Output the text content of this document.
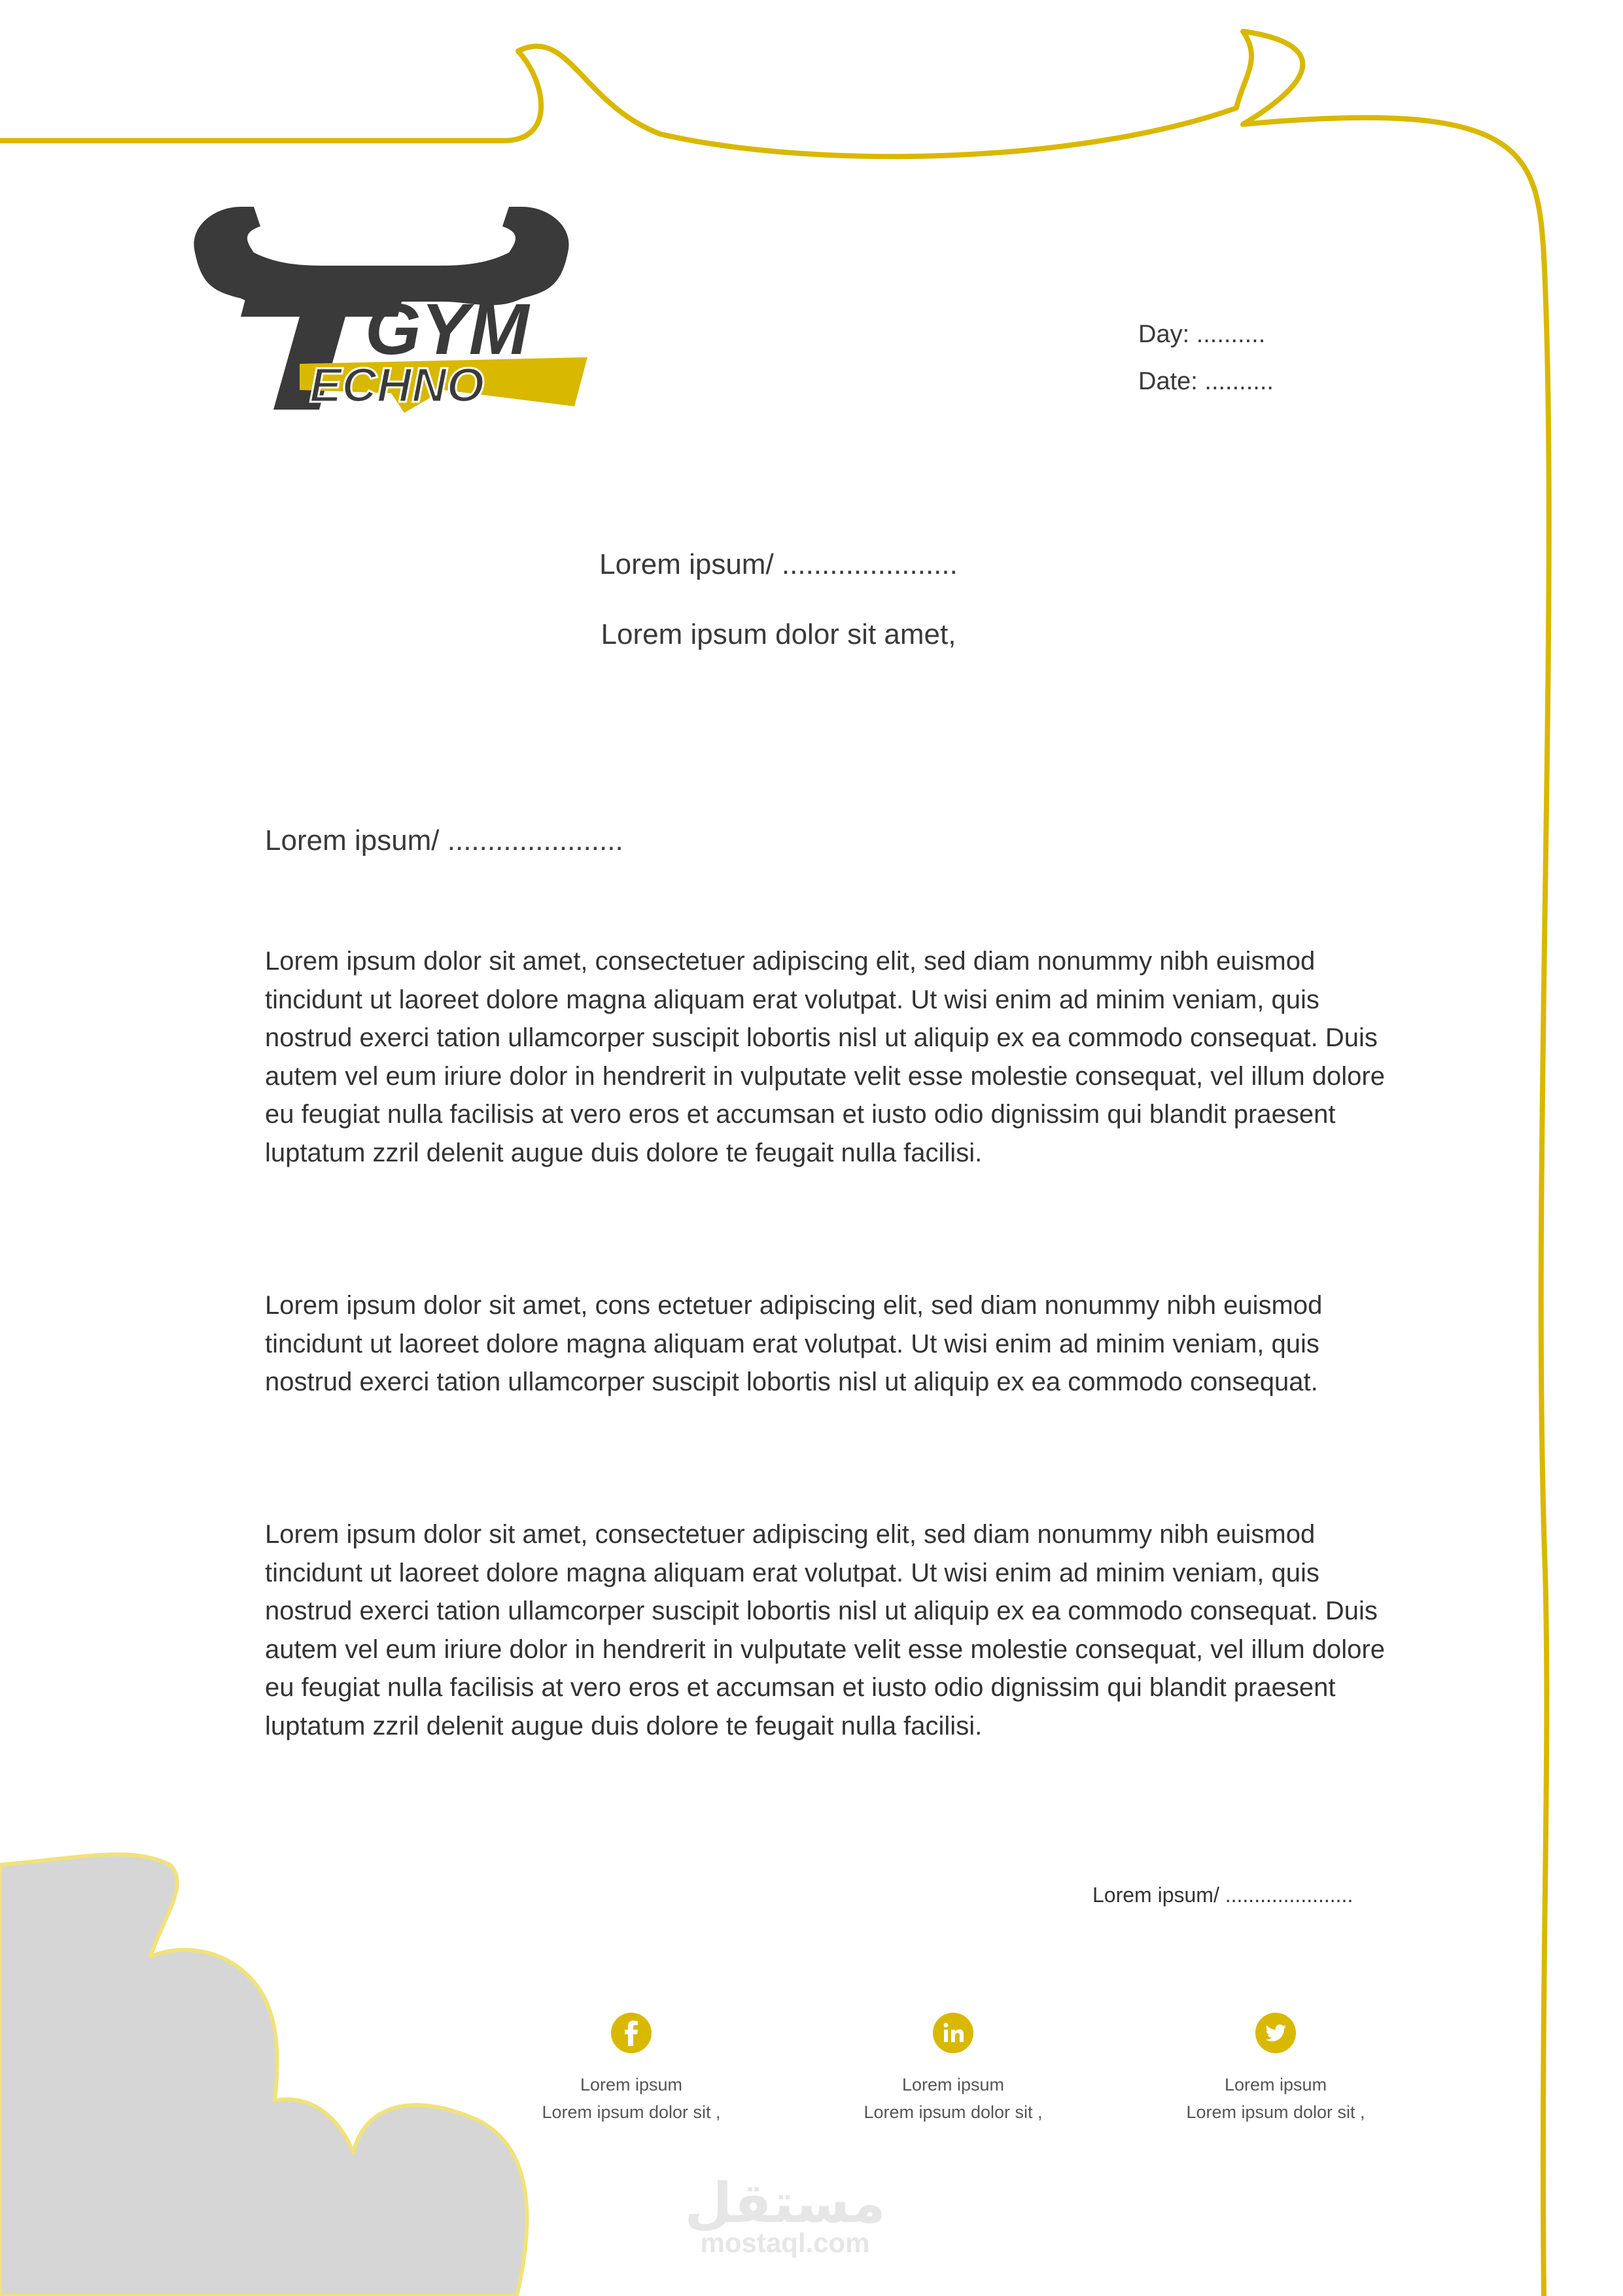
GYM
ECHNO
Day: ..........
Date: ..........
Lorem ipsum/ ......................
Lorem ipsum dolor sit amet,
Lorem ipsum/ ......................

Lorem ipsum dolor sit amet, consectetuer adipiscing elit, sed diam nonummy nibh euismod tincidunt ut laoreet dolore magna aliquam erat volutpat. Ut wisi enim ad minim veniam, quis nostrud exerci tation ullamcorper suscipit lobortis nisl ut aliquip ex ea commodo consequat. Duis autem vel eum iriure dolor in hendrerit in vulputate velit esse molestie consequat, vel illum dolore eu feugiat nulla facilisis at vero eros et accumsan et iusto odio dignissim qui blandit praesent luptatum zzril delenit augue duis dolore te feugait nulla facilisi.

Lorem ipsum dolor sit amet, cons ectetuer adipiscing elit, sed diam nonummy nibh euismod tincidunt ut laoreet dolore magna aliquam erat volutpat. Ut wisi enim ad minim veniam, quis nostrud exerci tation ullamcorper suscipit lobortis nisl ut aliquip ex ea commodo consequat.

Lorem ipsum dolor sit amet, consectetuer adipiscing elit, sed diam nonummy nibh euismod tincidunt ut laoreet dolore magna aliquam erat volutpat. Ut wisi enim ad minim veniam, quis nostrud exerci tation ullamcorper suscipit lobortis nisl ut aliquip ex ea commodo consequat. Duis autem vel eum iriure dolor in hendrerit in vulputate velit esse molestie consequat, vel illum dolore eu feugiat nulla facilisis at vero eros et accumsan et iusto odio dignissim qui blandit praesent luptatum zzril delenit augue duis dolore te feugait nulla facilisi.

Lorem ipsum/ ......................
Lorem ipsum
Lorem ipsum dolor sit ,
Lorem ipsum
Lorem ipsum dolor sit ,
Lorem ipsum
Lorem ipsum dolor sit ,
مستقل
mostaql.com
